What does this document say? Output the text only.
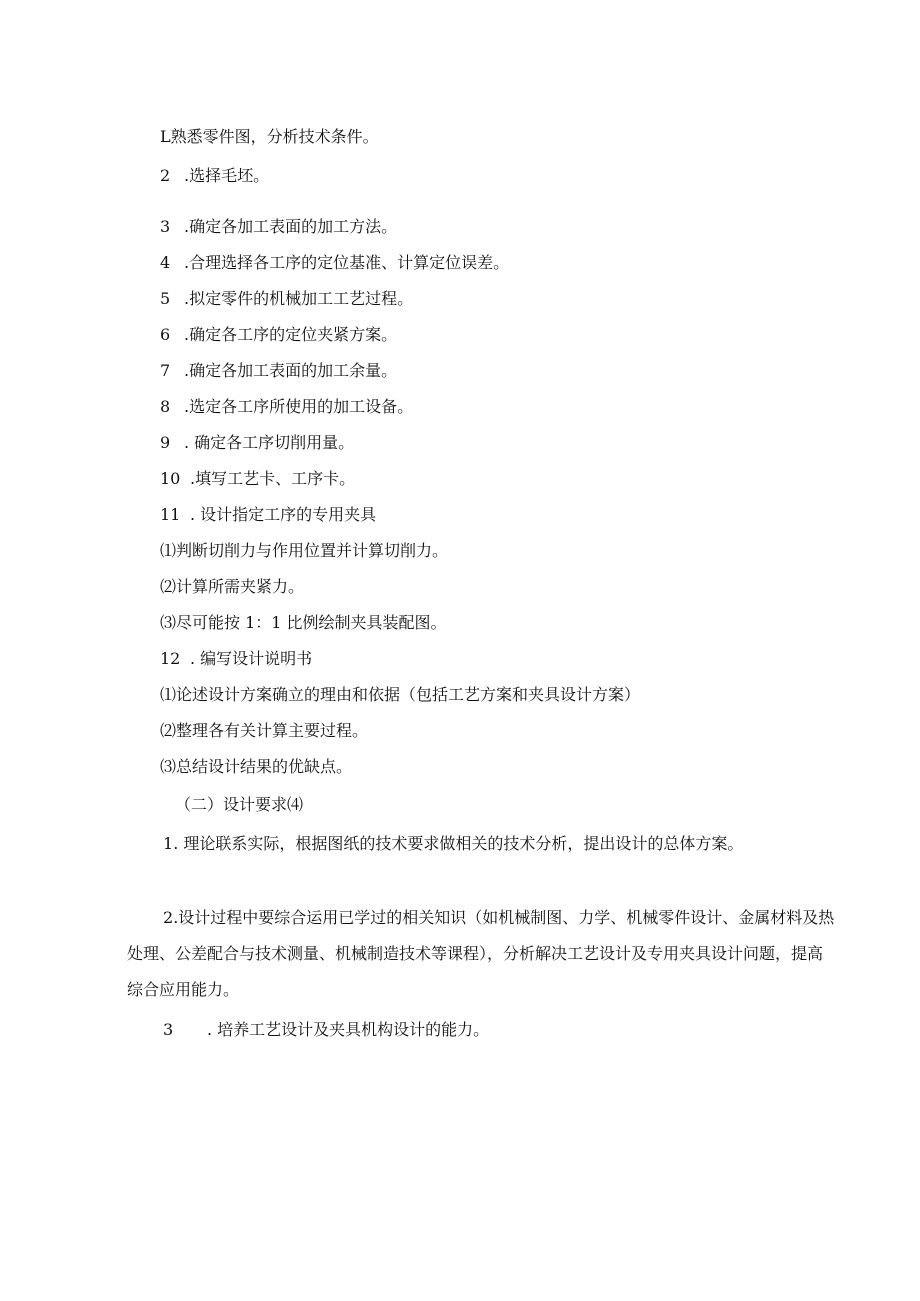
L熟悉零件图，分析技术条件。
2 .选择毛坯。
3 .确定各加工表面的加工方法。
4 .合理选择各工序的定位基准、计算定位误差。
5 .拟定零件的机械加工工艺过程。
6 .确定各工序的定位夹紧方案。
7 .确定各加工表面的加工余量。
8 .选定各工序所使用的加工设备。
9 . 确定各工序切削用量。
10 .填写工艺卡、工序卡。
11 . 设计指定工序的专用夹具
⑴判断切削力与作用位置并计算切削力。
⑵计算所需夹紧力。
⑶尽可能按 1：1 比例绘制夹具装配图。
12 . 编写设计说明书
⑴论述设计方案确立的理由和依据（包括工艺方案和夹具设计方案）
⑵整理各有关计算主要过程。
⑶总结设计结果的优缺点。
（二）设计要求⑷
1. 理论联系实际，根据图纸的技术要求做相关的技术分析，提出设计的总体方案。
2.设计过程中要综合运用已学过的相关知识（如机械制图、力学、机械零件设计、金属材料及热处理、公差配合与技术测量、机械制造技术等课程），分析解决工艺设计及专用夹具设计问题，提高综合应用能力。
3 . 培养工艺设计及夹具机构设计的能力。
